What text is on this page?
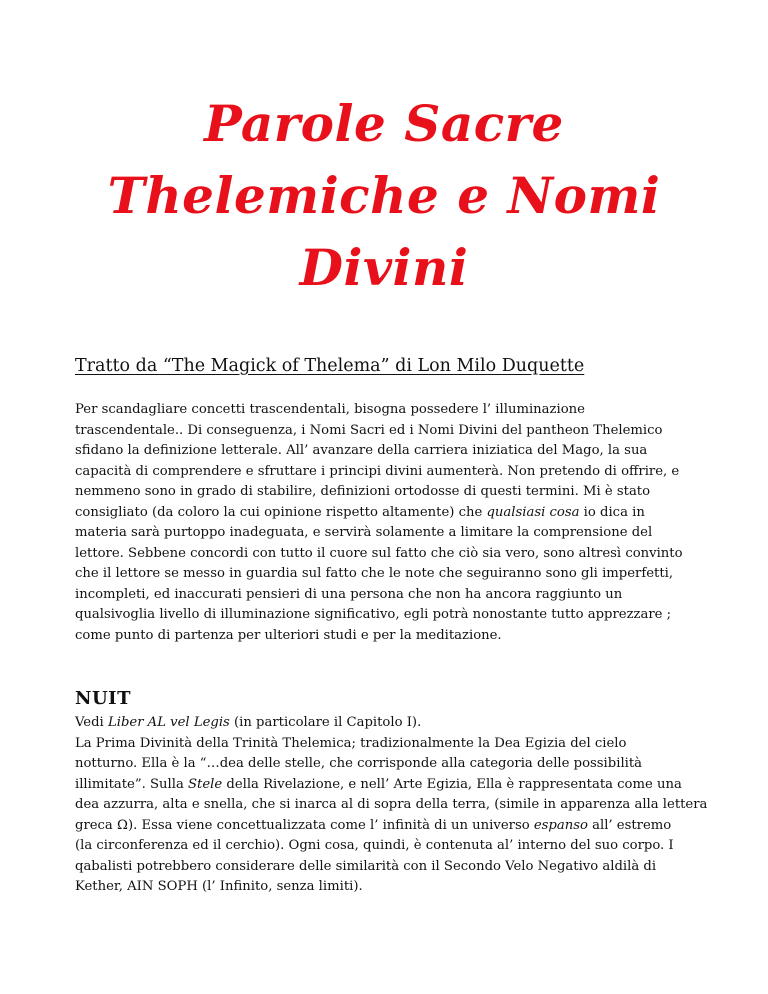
Parole Sacre
Thelemiche e Nomi
Divini

Tratto da “The Magick of Thelema” di Lon Milo Duquette

Per scandagliare concetti trascendentali, bisogna possedere l’ illuminazione
trascendentale.. Di conseguenza, i Nomi Sacri ed i Nomi Divini del pantheon Thelemico
sfidano la definizione letterale. All’ avanzare della carriera iniziatica del Mago, la sua
capacità di comprendere e sfruttare i principi divini aumenterà. Non pretendo di offrire, e
nemmeno sono in grado di stabilire, definizioni ortodosse di questi termini. Mi è stato
consigliato (da coloro la cui opinione rispetto altamente) che qualsiasi cosa io dica in
materia sarà purtoppo inadeguata, e servirà solamente a limitare la comprensione del
lettore. Sebbene concordi con tutto il cuore sul fatto che ciò sia vero, sono altresì convinto
che il lettore se messo in guardia sul fatto che le note che seguiranno sono gli imperfetti,
incompleti, ed inaccurati pensieri di una persona che non ha ancora raggiunto un
qualsivoglia livello di illuminazione significativo, egli potrà nonostante tutto apprezzare ;
come punto di partenza per ulteriori studi e per la meditazione.
NUIT
Vedi Liber AL vel Legis (in particolare il Capitolo I).
La Prima Divinità della Trinità Thelemica; tradizionalmente la Dea Egizia del cielo
notturno. Ella è la “…dea delle stelle, che corrisponde alla categoria delle possibilità
illimitate”. Sulla Stele della Rivelazione, e nell’ Arte Egizia, Ella è rappresentata come una
dea azzurra, alta e snella, che si inarca al di sopra della terra, (simile in apparenza alla lettera
greca Ω). Essa viene concettualizzata come l’ infinità di un universo espanso all’ estremo
(la circonferenza ed il cerchio). Ogni cosa, quindi, è contenuta al’ interno del suo corpo. I
qabalisti potrebbero considerare delle similarità con il Secondo Velo Negativo aldilà di
Kether, AIN SOPH (l’ Infinito, senza limiti).
